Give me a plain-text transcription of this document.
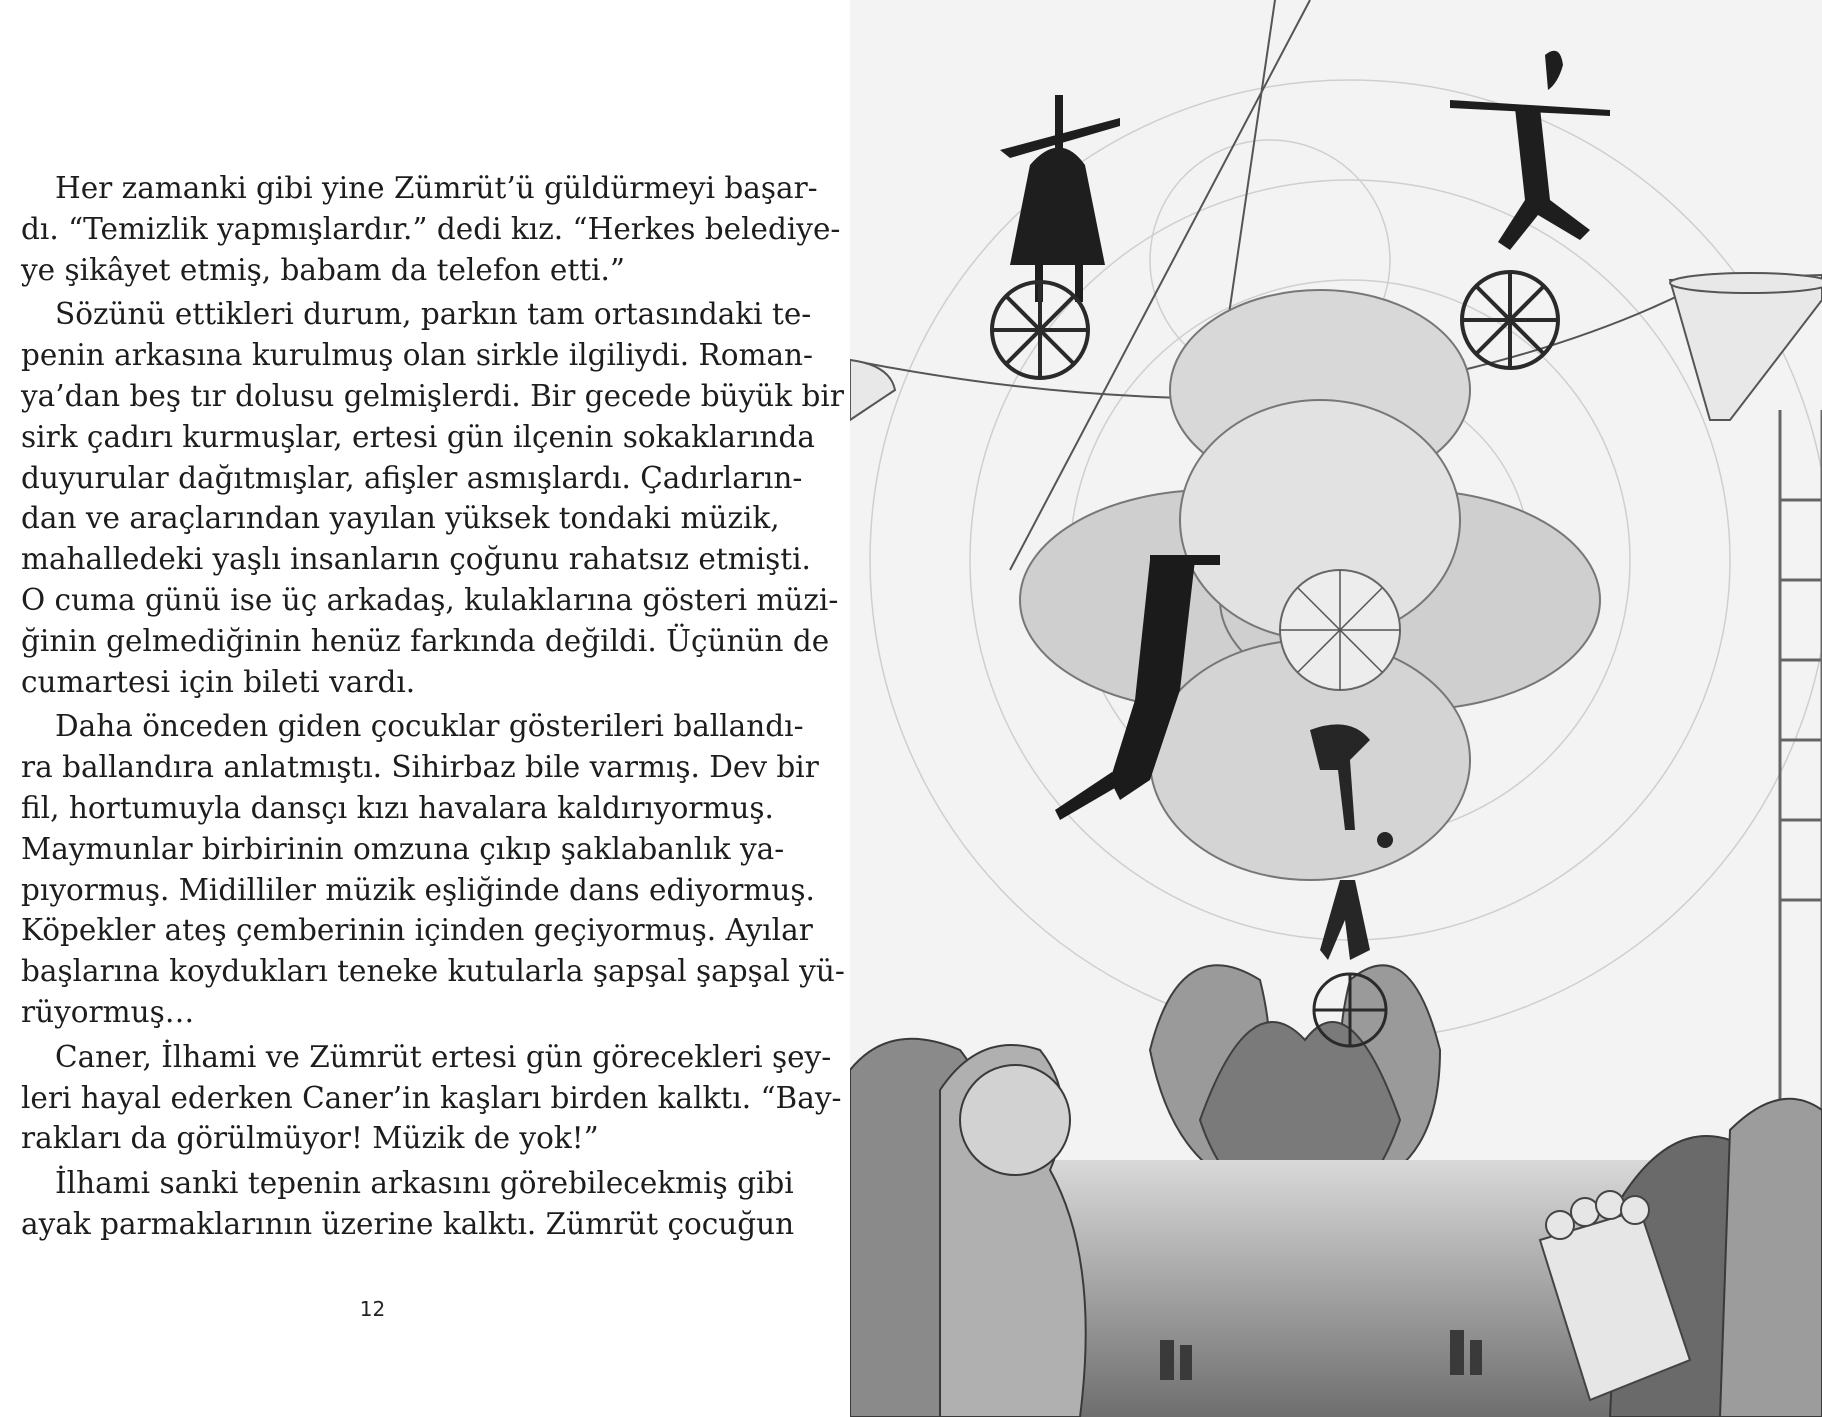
Her zamanki gibi yine Zümrüt’ü güldürmeyi başar-
dı. “Temizlik yapmışlardır.” dedi kız. “Herkes belediye-
ye şikâyet etmiş, babam da telefon etti.”

Sözünü ettikleri durum, parkın tam ortasındaki te-
penin arkasına kurulmuş olan sirkle ilgiliydi. Roman-
ya’dan beş tır dolusu gelmişlerdi. Bir gecede büyük bir
sirk çadırı kurmuşlar, ertesi gün ilçenin sokaklarında
duyurular dağıtmışlar, afişler asmışlardı. Çadırların-
dan ve araçlarından yayılan yüksek tondaki müzik,
mahalledeki yaşlı insanların çoğunu rahatsız etmişti.
O cuma günü ise üç arkadaş, kulaklarına gösteri müzi-
ğinin gelmediğinin henüz farkında değildi. Üçünün de
cumartesi için bileti vardı.

Daha önceden giden çocuklar gösterileri ballandı-
ra ballandıra anlatmıştı. Sihirbaz bile varmış. Dev bir
fil, hortumuyla dansçı kızı havalara kaldırıyormuş.
Maymunlar birbirinin omzuna çıkıp şaklabanlık ya-
pıyormuş. Midilliler müzik eşliğinde dans ediyormuş.
Köpekler ateş çemberinin içinden geçiyormuş. Ayılar
başlarına koydukları teneke kutularla şapşal şapşal yü-
rüyormuş…

Caner, İlhami ve Zümrüt ertesi gün görecekleri şey-
leri hayal ederken Caner’in kaşları birden kalktı. “Bay-
rakları da görülmüyor! Müzik de yok!”

İlhami sanki tepenin arkasını görebilecekmiş gibi
ayak parmaklarının üzerine kalktı. Zümrüt çocuğun

12
